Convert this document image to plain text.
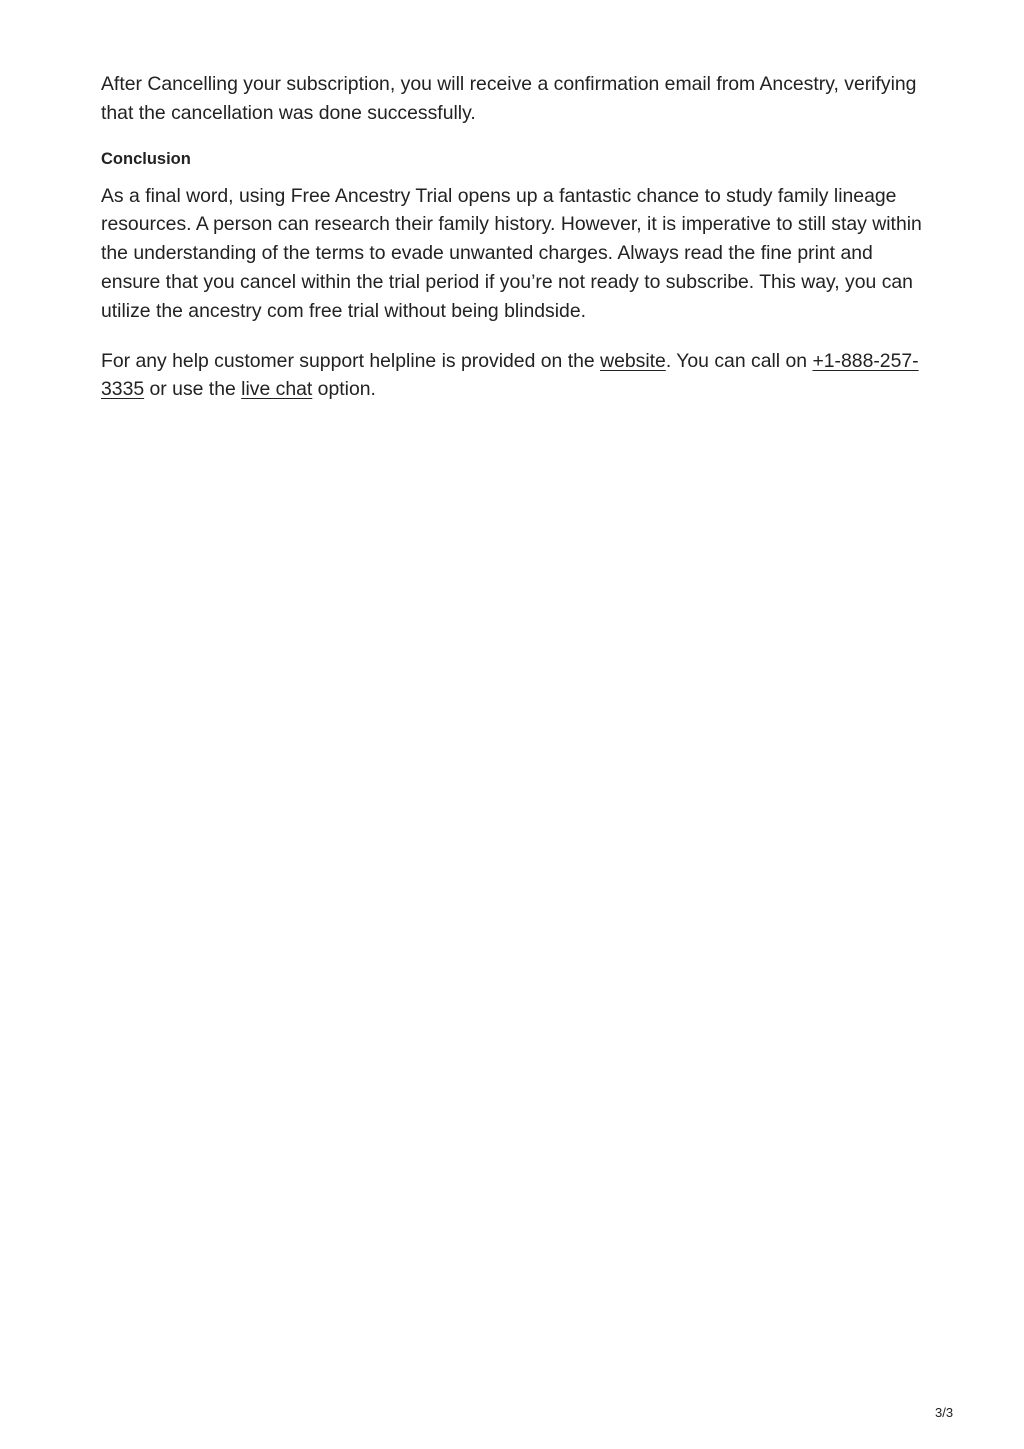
After Cancelling your subscription, you will receive a confirmation email from Ancestry, verifying that the cancellation was done successfully.

Conclusion

As a final word, using Free Ancestry Trial opens up a fantastic chance to study family lineage resources. A person can research their family history. However, it is imperative to still stay within the understanding of the terms to evade unwanted charges. Always read the fine print and ensure that you cancel within the trial period if you’re not ready to subscribe. This way, you can utilize the ancestry com free trial without being blindside.

For any help customer support helpline is provided on the website. You can call on +1-888-257-3335 or use the live chat option.

3/3
